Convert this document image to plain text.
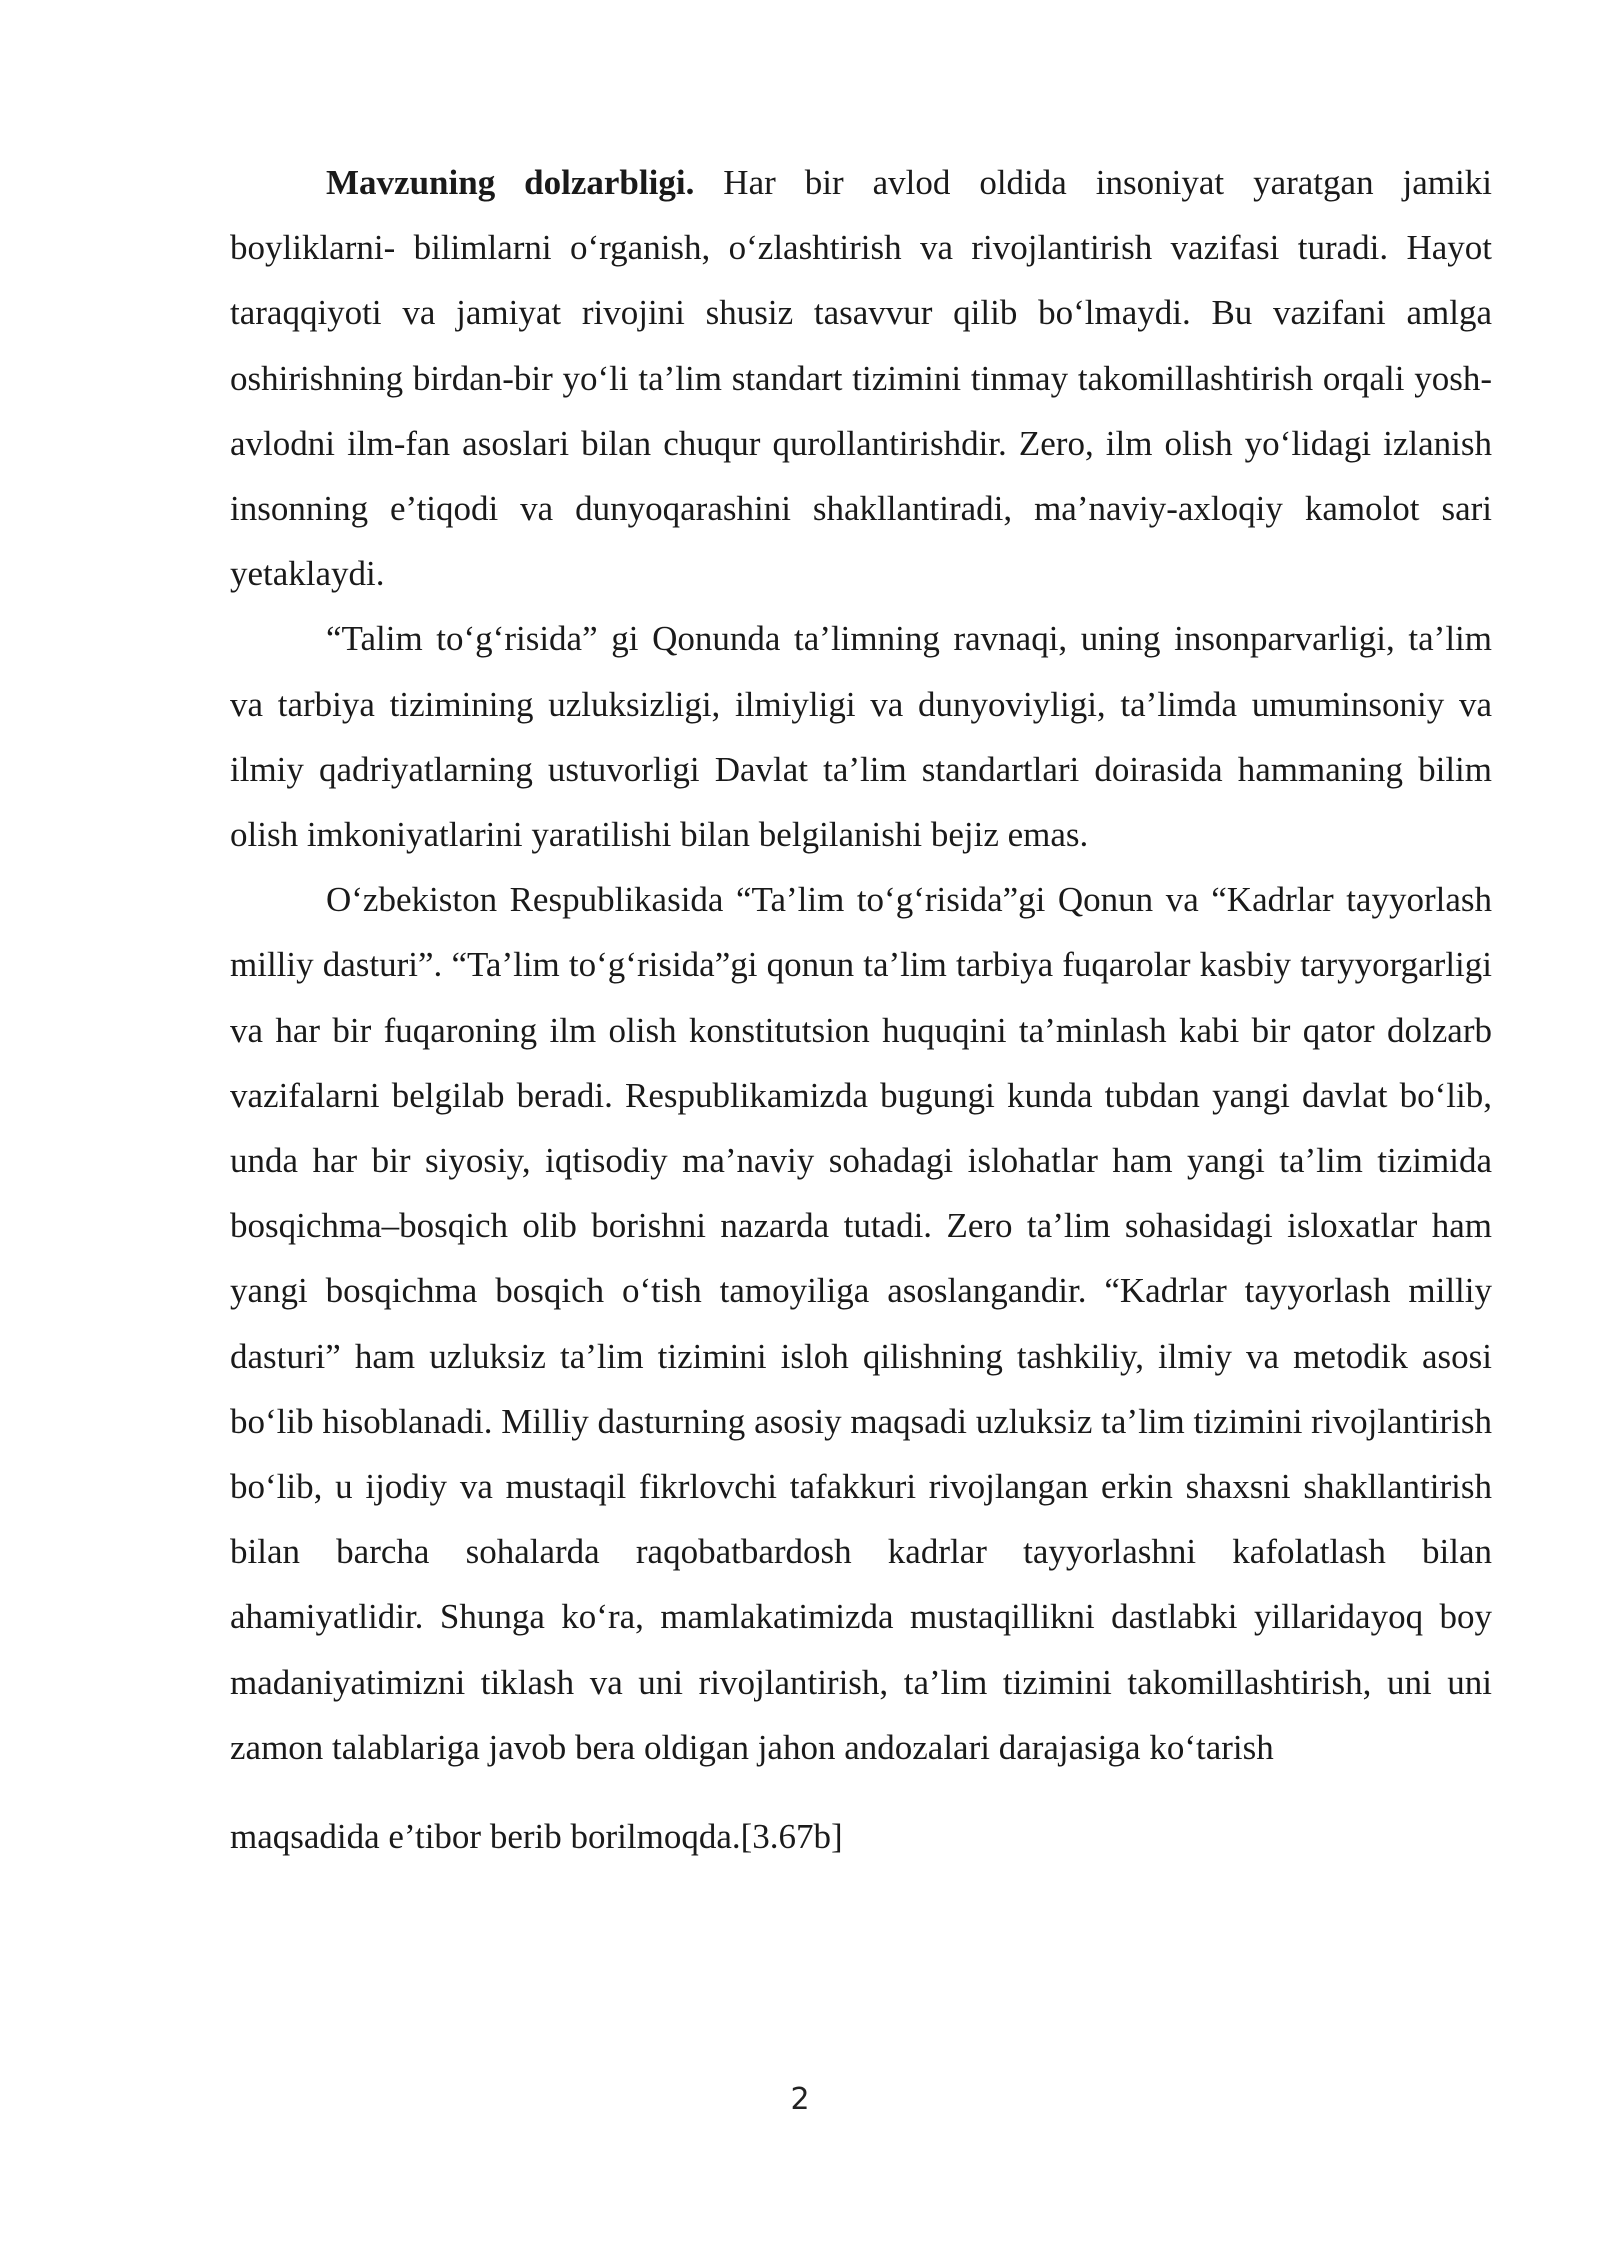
Mavzuning dolzarbligi. Har bir avlod oldida insoniyat yaratgan jamiki boyliklarni- bilimlarni o‘rganish, o‘zlashtirish va rivojlantirish vazifasi turadi. Hayot taraqqiyoti va jamiyat rivojini shusiz tasavvur qilib bo‘lmaydi. Bu vazifani amlga oshirishning birdan-bir yo‘li ta’lim standart tizimini tinmay takomillashtirish orqali yosh-avlodni ilm-fan asoslari bilan chuqur qurollantirishdir. Zero, ilm olish yo‘lidagi izlanish insonning e’tiqodi va dunyoqarashini shakllantiradi, ma’naviy-axloqiy kamolot sari yetaklaydi.

“Talim to‘g‘risida” gi Qonunda ta’limning ravnaqi, uning insonparvarligi, ta’lim va tarbiya tizimining uzluksizligi, ilmiyligi va dunyoviyligi, ta’limda umuminsoniy va ilmiy qadriyatlarning ustuvorligi Davlat ta’lim standartlari doirasida hammaning bilim olish imkoniyatlarini yaratilishi bilan belgilanishi bejiz emas.

O‘zbekiston Respublikasida “Ta’lim to‘g‘risida”gi Qonun va “Kadrlar tayyorlash milliy dasturi”. “Ta’lim to‘g‘risida”gi qonun ta’lim tarbiya fuqarolar kasbiy taryyorgarligi va har bir fuqaroning ilm olish konstitutsion huquqini ta’minlash kabi bir qator dolzarb vazifalarni belgilab beradi. Respublikamizda bugungi kunda tubdan yangi davlat bo‘lib, unda har bir siyosiy, iqtisodiy ma’naviy sohadagi islohatlar ham yangi ta’lim tizimida bosqichma–bosqich olib borishni nazarda tutadi. Zero ta’lim sohasidagi isloxatlar ham yangi bosqichma bosqich o‘tish tamoyiliga asoslangandir. “Kadrlar tayyorlash milliy dasturi” ham uzluksiz ta’lim tizimini isloh qilishning tashkiliy, ilmiy va metodik asosi bo‘lib hisoblanadi. Milliy dasturning asosiy maqsadi uzluksiz ta’lim tizimini rivojlantirish bo‘lib, u ijodiy va mustaqil fikrlovchi tafakkuri rivojlangan erkin shaxsni shakllantirish bilan barcha sohalarda raqobatbardosh kadrlar tayyorlashni kafolatlash bilan ahamiyatlidir. Shunga ko‘ra, mamlakatimizda mustaqillikni dastlabki yillaridayoq boy madaniyatimizni tiklash va uni rivojlantirish, ta’lim tizimini takomillashtirish, uni uni zamon talablariga javob bera oldigan jahon andozalari darajasiga ko‘tarish

maqsadida e’tibor berib borilmoqda.[3.67b]

2
